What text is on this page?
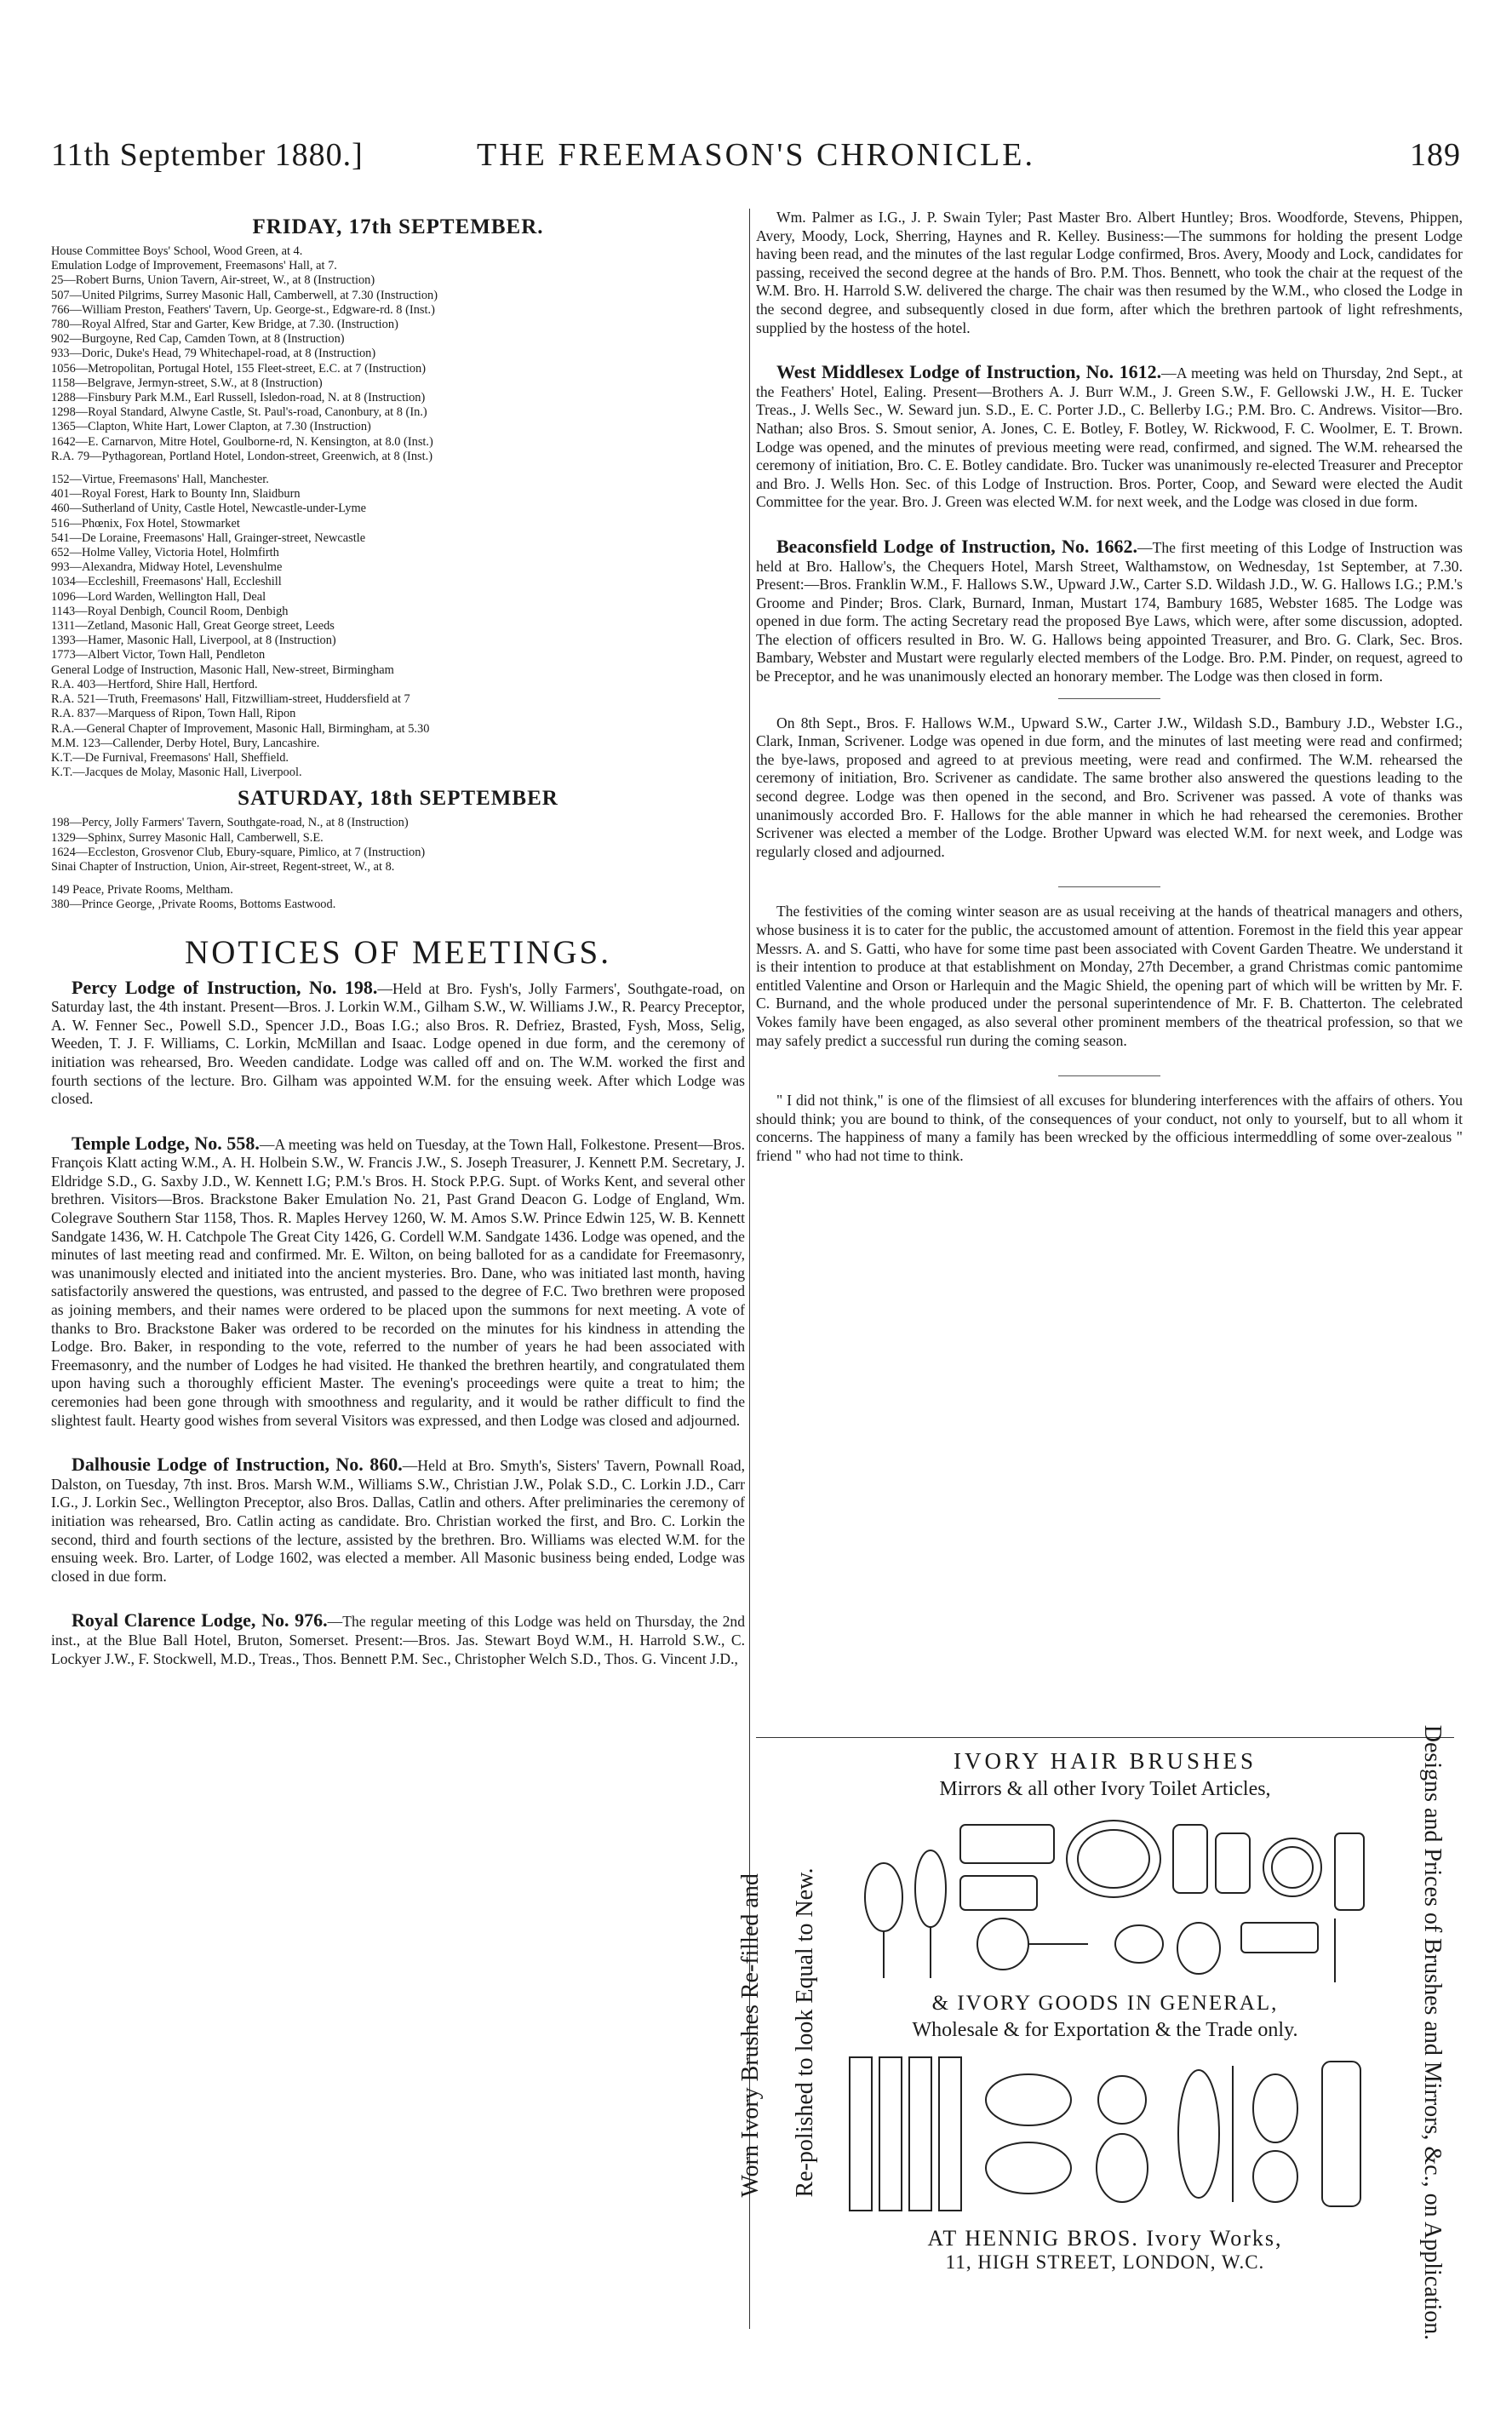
11th September 1880.]	THE FREEMASON'S CHRONICLE.	189
FRIDAY, 17th SEPTEMBER.
House Committee Boys' School, Wood Green, at 4.
Emulation Lodge of Improvement, Freemasons' Hall, at 7.
25—Robert Burns, Union Tavern, Air-street, W., at 8 (Instruction)
507—United Pilgrims, Surrey Masonic Hall, Camberwell, at 7.30 (Instruction)
766—William Preston, Feathers' Tavern, Up. George-st., Edgware-rd. 8 (Inst.)
780—Royal Alfred, Star and Garter, Kew Bridge, at 7.30. (Instruction)
902—Burgoyne, Red Cap, Camden Town, at 8 (Instruction)
933—Doric, Duke's Head, 79 Whitechapel-road, at 8 (Instruction)
1056—Metropolitan, Portugal Hotel, 155 Fleet-street, E.C. at 7 (Instruction)
1158—Belgrave, Jermyn-street, S.W., at 8 (Instruction)
1288—Finsbury Park M.M., Earl Russell, Isledon-road, N. at 8 (Instruction)
1298—Royal Standard, Alwyne Castle, St. Paul's-road, Canonbury, at 8 (In.)
1365—Clapton, White Hart, Lower Clapton, at 7.30 (Instruction)
1642—E. Carnarvon, Mitre Hotel, Goulborne-rd, N. Kensington, at 8.0 (Inst.)
R.A. 79—Pythagorean, Portland Hotel, London-street, Greenwich, at 8 (Inst.)
152—Virtue, Freemasons' Hall, Manchester.
401—Royal Forest, Hark to Bounty Inn, Slaidburn
460—Sutherland of Unity, Castle Hotel, Newcastle-under-Lyme
516—Phœnix, Fox Hotel, Stowmarket
541—De Loraine, Freemasons' Hall, Grainger-street, Newcastle
652—Holme Valley, Victoria Hotel, Holmfirth
993—Alexandra, Midway Hotel, Levenshulme
1034—Eccleshill, Freemasons' Hall, Eccleshill
1096—Lord Warden, Wellington Hall, Deal
1143—Royal Denbigh, Council Room, Denbigh
1311—Zetland, Masonic Hall, Great George street, Leeds
1393—Hamer, Masonic Hall, Liverpool, at 8 (Instruction)
1773—Albert Victor, Town Hall, Pendleton
General Lodge of Instruction, Masonic Hall, New-street, Birmingham
R.A. 403—Hertford, Shire Hall, Hertford.
R.A. 521—Truth, Freemasons' Hall, Fitzwilliam-street, Huddersfield at 7
R.A. 837—Marquess of Ripon, Town Hall, Ripon
R.A.—General Chapter of Improvement, Masonic Hall, Birmingham, at 5.30
M.M. 123—Callender, Derby Hotel, Bury, Lancashire.
K.T.—De Furnival, Freemasons' Hall, Sheffield.
K.T.—Jacques de Molay, Masonic Hall, Liverpool.
SATURDAY, 18th SEPTEMBER
198—Percy, Jolly Farmers' Tavern, Southgate-road, N., at 8 (Instruction)
1329—Sphinx, Surrey Masonic Hall, Camberwell, S.E.
1624—Eccleston, Grosvenor Club, Ebury-square, Pimlico, at 7 (Instruction)
Sinai Chapter of Instruction, Union, Air-street, Regent-street, W., at 8.
149 Peace, Private Rooms, Meltham.
380—Prince George, ,Private Rooms, Bottoms Eastwood.
NOTICES OF MEETINGS.

Percy Lodge of Instruction, No. 198.—Held at Bro. Fysh's, Jolly Farmers', Southgate-road, on Saturday last, the 4th instant. Present—Bros. J. Lorkin W.M., Gilham S.W., W. Williams J.W., R. Pearcy Preceptor, A. W. Fenner Sec., Powell S.D., Spencer J.D., Boas I.G.; also Bros. R. Defriez, Brasted, Fysh, Moss, Selig, Weeden, T. J. F. Williams, C. Lorkin, McMillan and Isaac. Lodge opened in due form, and the ceremony of initiation was rehearsed, Bro. Weeden candidate. Lodge was called off and on. The W.M. worked the first and fourth sections of the lecture. Bro. Gilham was appointed W.M. for the ensuing week. After which Lodge was closed.

Temple Lodge, No. 558.—A meeting was held on Tuesday, at the Town Hall, Folkestone. Present—Bros. François Klatt acting W.M., A. H. Holbein S.W., W. Francis J.W., S. Joseph Treasurer, J. Kennett P.M. Secretary, J. Eldridge S.D., G. Saxby J.D., W. Kennett I.G; P.M.'s Bros. H. Stock P.P.G. Supt. of Works Kent, and several other brethren. Visitors—Bros. Brackstone Baker Emulation No. 21, Past Grand Deacon G. Lodge of England, Wm. Colegrave Southern Star 1158, Thos. R. Maples Hervey 1260, W. M. Amos S.W. Prince Edwin 125, W. B. Kennett Sandgate 1436, W. H. Catchpole The Great City 1426, G. Cordell W.M. Sandgate 1436. Lodge was opened, and the minutes of last meeting read and confirmed. Mr. E. Wilton, on being balloted for as a candidate for Freemasonry, was unanimously elected and initiated into the ancient mysteries. Bro. Dane, who was initiated last month, having satisfactorily answered the questions, was entrusted, and passed to the degree of F.C. Two brethren were proposed as joining members, and their names were ordered to be placed upon the summons for next meeting. A vote of thanks to Bro. Brackstone Baker was ordered to be recorded on the minutes for his kindness in attending the Lodge. Bro. Baker, in responding to the vote, referred to the number of years he had been associated with Freemasonry, and the number of Lodges he had visited. He thanked the brethren heartily, and congratulated them upon having such a thoroughly efficient Master. The evening's proceedings were quite a treat to him; the ceremonies had been gone through with smoothness and regularity, and it would be rather difficult to find the slightest fault. Hearty good wishes from several Visitors was expressed, and then Lodge was closed and adjourned.

Dalhousie Lodge of Instruction, No. 860.—Held at Bro. Smyth's, Sisters' Tavern, Pownall Road, Dalston, on Tuesday, 7th inst. Bros. Marsh W.M., Williams S.W., Christian J.W., Polak S.D., C. Lorkin J.D., Carr I.G., J. Lorkin Sec., Wellington Preceptor, also Bros. Dallas, Catlin and others. After preliminaries the ceremony of initiation was rehearsed, Bro. Catlin acting as candidate. Bro. Christian worked the first, and Bro. C. Lorkin the second, third and fourth sections of the lecture, assisted by the brethren. Bro. Williams was elected W.M. for the ensuing week. Bro. Larter, of Lodge 1602, was elected a member. All Masonic business being ended, Lodge was closed in due form.

Royal Clarence Lodge, No. 976.—The regular meeting of this Lodge was held on Thursday, the 2nd inst., at the Blue Ball Hotel, Bruton, Somerset. Present:—Bros. Jas. Stewart Boyd W.M., H. Harrold S.W., C. Lockyer J.W., F. Stockwell, M.D., Treas., Thos. Bennett P.M. Sec., Christopher Welch S.D., Thos. G. Vincent J.D.,

Wm. Palmer as I.G., J. P. Swain Tyler; Past Master Bro. Albert Huntley; Bros. Woodforde, Stevens, Phippen, Avery, Moody, Lock, Sherring, Haynes and R. Kelley. Business:—The summons for holding the present Lodge having been read, and the minutes of the last regular Lodge confirmed, Bros. Avery, Moody and Lock, candidates for passing, received the second degree at the hands of Bro. P.M. Thos. Bennett, who took the chair at the request of the W.M. Bro. H. Harrold S.W. delivered the charge. The chair was then resumed by the W.M., who closed the Lodge in the second degree, and subsequently closed in due form, after which the brethren partook of light refreshments, supplied by the hostess of the hotel.

West Middlesex Lodge of Instruction, No. 1612.—A meeting was held on Thursday, 2nd Sept., at the Feathers' Hotel, Ealing. Present—Brothers A. J. Burr W.M., J. Green S.W., F. Gellowski J.W., H. E. Tucker Treas., J. Wells Sec., W. Seward jun. S.D., E. C. Porter J.D., C. Bellerby I.G.; P.M. Bro. C. Andrews. Visitor—Bro. Nathan; also Bros. S. Smout senior, A. Jones, C. E. Botley, F. Botley, W. Rickwood, F. C. Woolmer, E. T. Brown. Lodge was opened, and the minutes of previous meeting were read, confirmed, and signed. The W.M. rehearsed the ceremony of initiation, Bro. C. E. Botley candidate. Bro. Tucker was unanimously re-elected Treasurer and Preceptor and Bro. J. Wells Hon. Sec. of this Lodge of Instruction. Bros. Porter, Coop, and Seward were elected the Audit Committee for the year. Bro. J. Green was elected W.M. for next week, and the Lodge was closed in due form.

Beaconsfield Lodge of Instruction, No. 1662.—The first meeting of this Lodge of Instruction was held at Bro. Hallow's, the Chequers Hotel, Marsh Street, Walthamstow, on Wednesday, 1st September, at 7.30. Present:—Bros. Franklin W.M., F. Hallows S.W., Upward J.W., Carter S.D. Wildash J.D., W. G. Hallows I.G.; P.M.'s Groome and Pinder; Bros. Clark, Burnard, Inman, Mustart 174, Bambury 1685, Webster 1685. The Lodge was opened in due form. The acting Secretary read the proposed Bye Laws, which were, after some discussion, adopted. The election of officers resulted in Bro. W. G. Hallows being appointed Treasurer, and Bro. G. Clark, Sec. Bros. Bambary, Webster and Mustart were regularly elected members of the Lodge. Bro. P.M. Pinder, on request, agreed to be Preceptor, and he was unanimously elected an honorary member. The Lodge was then closed in form.

On 8th Sept., Bros. F. Hallows W.M., Upward S.W., Carter J.W., Wildash S.D., Bambury J.D., Webster I.G., Clark, Inman, Scrivener. Lodge was opened in due form, and the minutes of last meeting were read and confirmed; the bye-laws, proposed and agreed to at previous meeting, were read and confirmed. The W.M. rehearsed the ceremony of initiation, Bro. Scrivener as candidate. The same brother also answered the questions leading to the second degree. Lodge was then opened in the second, and Bro. Scrivener was passed. A vote of thanks was unanimously accorded Bro. F. Hallows for the able manner in which he had rehearsed the ceremonies. Brother Scrivener was elected a member of the Lodge. Brother Upward was elected W.M. for next week, and Lodge was regularly closed and adjourned.

The festivities of the coming winter season are as usual receiving at the hands of theatrical managers and others, whose business it is to cater for the public, the accustomed amount of attention. Foremost in the field this year appear Messrs. A. and S. Gatti, who have for some time past been associated with Covent Garden Theatre. We understand it is their intention to produce at that establishment on Monday, 27th December, a grand Christmas comic pantomime entitled Valentine and Orson or Harlequin and the Magic Shield, the opening part of which will be written by Mr. F. C. Burnand, and the whole produced under the personal superintendence of Mr. F. B. Chatterton. The celebrated Vokes family have been engaged, as also several other prominent members of the theatrical profession, so that we may safely predict a successful run during the coming season.

" I did not think," is one of the flimsiest of all excuses for blundering interferences with the affairs of others. You should think; you are bound to think, of the consequences of your conduct, not only to yourself, but to all whom it concerns. The happiness of many a family has been wrecked by the officious intermeddling of some over-zealous " friend " who had not time to think.

Worn Ivory Brushes Re-filled and Re-polished to look Equal to New.
IVORY HAIR BRUSHES
Mirrors & all other Ivory Toilet Articles,
& IVORY GOODS IN GENERAL,
Wholesale & for Exportation & the Trade only.
AT HENNIG BROS. Ivory Works,
11, HIGH STREET, LONDON, W.C.	Designs and Prices of Brushes and Mirrors, &c., on Application.
